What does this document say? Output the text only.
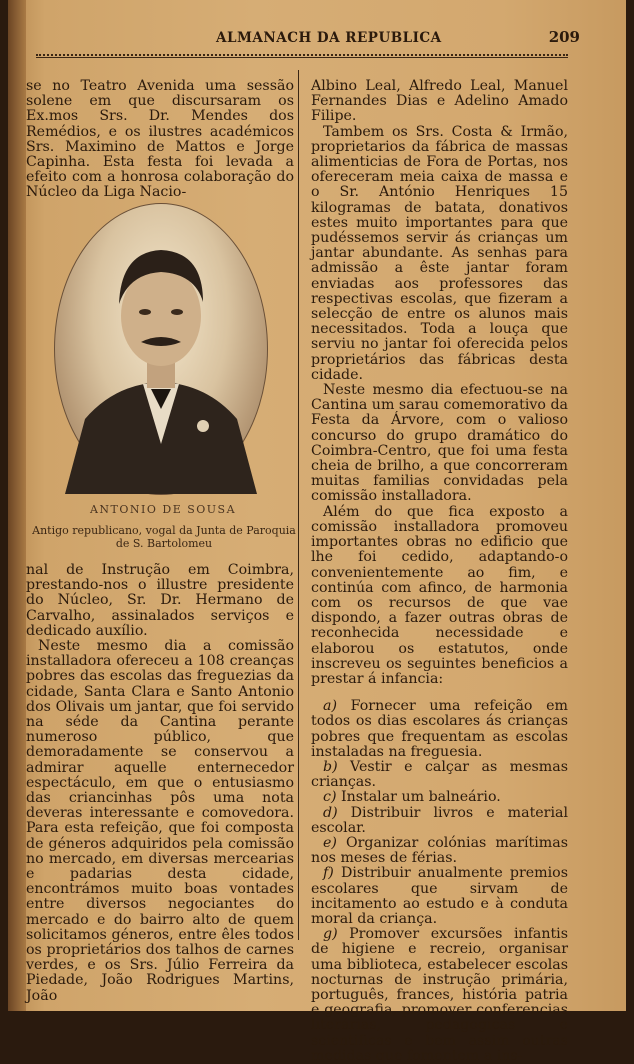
ALMANACH DA REPUBLICA	209

se no Teatro Avenida uma sessão solene em que discursaram os Ex.mos Srs. Dr. Mendes dos Remédios, e os ilustres académicos Srs. Maximino de Mattos e Jorge Capinha. Esta festa foi levada a efeito com a honrosa colaboração do Núcleo da Liga Nacio-

ANTONIO DE SOUSA
Antigo republicano, vogal da Junta de Paroquia de S. Bartolomeu

nal de Instrução em Coimbra, prestando-nos o illustre presidente do Núcleo, Sr. Dr. Hermano de Carvalho, assinalados serviços e dedicado auxílio.

Neste mesmo dia a comissão installadora ofereceu a 108 creanças pobres das escolas das freguezias da cidade, Santa Clara e Santo Antonio dos Olivais um jantar, que foi servido na séde da Cantina perante numeroso público, que demoradamente se conservou a admirar aquelle enternecedor espectáculo, em que o entusiasmo das criancinhas pôs uma nota deveras interessante e comovedora. Para esta refeição, que foi composta de géneros adquiridos pela comissão no mercado, em diversas mercearias e padarias desta cidade, encontrámos muito boas vontades entre diversos negociantes do mercado e do bairro alto de quem solicitamos géneros, entre êles todos os proprietários dos talhos de carnes verdes, e os Srs. Júlio Ferreira da Piedade, João Rodrigues Martins, João

Albino Leal, Alfredo Leal, Manuel Fernandes Dias e Adelino Amado Filipe.

Tambem os Srs. Costa & Irmão, proprietarios da fábrica de massas alimenticias de Fora de Portas, nos ofereceram meia caixa de massa e o Sr. António Henriques 15 kilogramas de batata, donativos estes muito importantes para que pudéssemos servir ás crianças um jantar abundante. As senhas para admissão a êste jantar foram enviadas aos professores das respectivas escolas, que fizeram a selecção de entre os alunos mais necessitados. Toda a louça que serviu no jantar foi oferecida pelos proprietários das fábricas desta cidade.

Neste mesmo dia efectuou-se na Cantina um sarau comemorativo da Festa da Árvore, com o valioso concurso do grupo dramático do Coimbra-Centro, que foi uma festa cheia de brilho, a que concorreram muitas familias convidadas pela comissão installadora.

Além do que fica exposto a comissão installadora promoveu importantes obras no edificio que lhe foi cedido, adaptando-o convenientemente ao fim, e continúa com afinco, de harmonia com os recursos de que vae dispondo, a fazer outras obras de reconhecida necessidade e elaborou os estatutos, onde inscreveu os seguintes beneficios a prestar á infancia:

a) Fornecer uma refeição em todos os dias escolares ás crianças pobres que frequentam as escolas instaladas na freguesia.

b) Vestir e calçar as mesmas crianças.

c) Instalar um balneário.

d) Distribuir livros e material escolar.

e) Organizar colónias marítimas nos meses de férias.

f) Distribuir anualmente premios escolares que sirvam de incitamento ao estudo e à conduta moral da criança.

g) Promover excursões infantis de higiene e recreio, organisar uma biblioteca, estabelecer escolas nocturnas de instrução primária, português, frances, história patria e geografia, promover conferencias literárias, pedagogicas e scientificas e bem assim outras medidas que fomentem a ins-
